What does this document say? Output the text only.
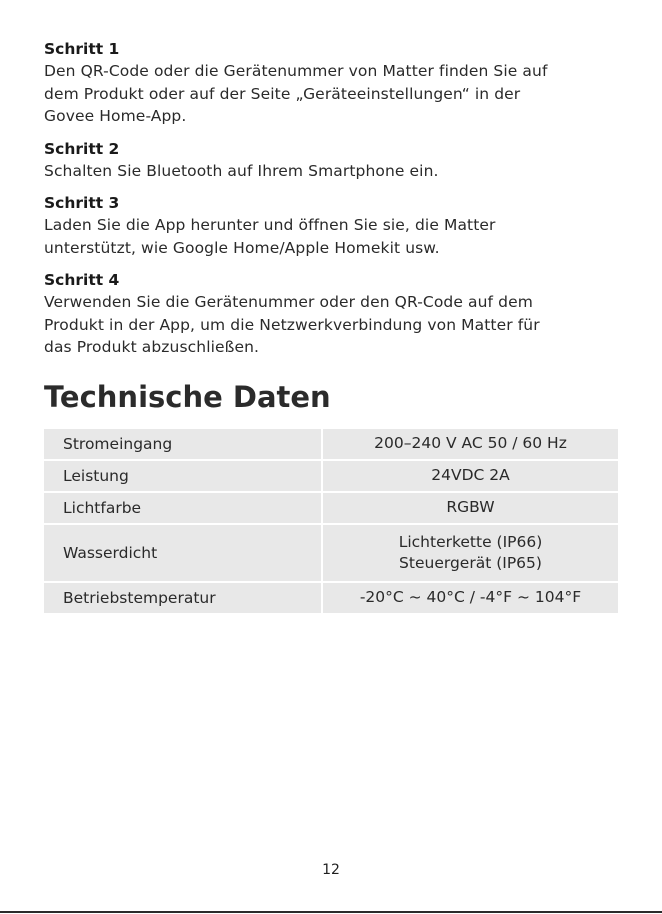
Schritt 1
Den QR-Code oder die Gerätenummer von Matter finden Sie auf
dem Produkt oder auf der Seite „Geräteeinstellungen“ in der
Govee Home-App.
Schritt 2
Schalten Sie Bluetooth auf Ihrem Smartphone ein.
Schritt 3
Laden Sie die App herunter und öffnen Sie sie, die Matter
unterstützt, wie Google Home/Apple Homekit usw.
Schritt 4
Verwenden Sie die Gerätenummer oder den QR-Code auf dem
Produkt in der App, um die Netzwerkverbindung von Matter für
das Produkt abzuschließen.
Technische Daten
Stromeingang	200–240 V AC 50 / 60 Hz
Leistung	24VDC 2A
Lichtfarbe	RGBW
Wasserdicht	Lichterkette (IP66)
Steuergerät (IP65)

Betriebstemperatur	-20°C ~ 40°C / -4°F ~ 104°F
12
